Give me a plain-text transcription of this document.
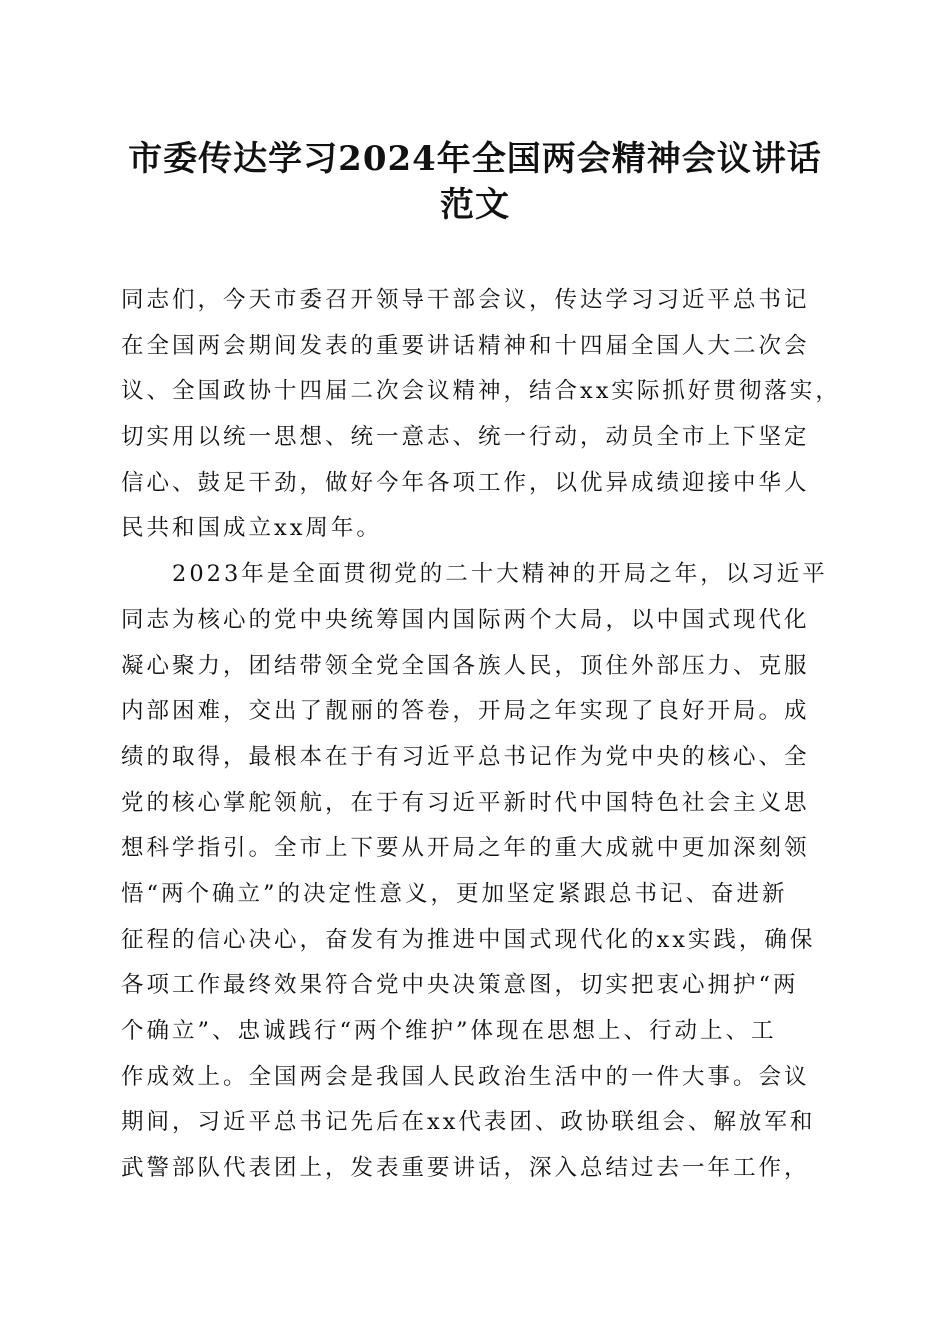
市委传达学习2024年全国两会精神会议讲话
范文
同志们，今天市委召开领导干部会议，传达学习习近平总书记
在全国两会期间发表的重要讲话精神和十四届全国人大二次会
议、全国政协十四届二次会议精神，结合xx实际抓好贯彻落实，
切实用以统一思想、统一意志、统一行动，动员全市上下坚定
信心、鼓足干劲，做好今年各项工作，以优异成绩迎接中华人
民共和国成立xx周年。
　　2023年是全面贯彻党的二十大精神的开局之年，以习近平
同志为核心的党中央统筹国内国际两个大局，以中国式现代化
凝心聚力，团结带领全党全国各族人民，顶住外部压力、克服
内部困难，交出了靓丽的答卷，开局之年实现了良好开局。成
绩的取得，最根本在于有习近平总书记作为党中央的核心、全
党的核心掌舵领航，在于有习近平新时代中国特色社会主义思
想科学指引。全市上下要从开局之年的重大成就中更加深刻领
悟“两个确立”的决定性意义，更加坚定紧跟总书记、奋进新
征程的信心决心，奋发有为推进中国式现代化的xx实践，确保
各项工作最终效果符合党中央决策意图，切实把衷心拥护“两
个确立”、忠诚践行“两个维护”体现在思想上、行动上、工
作成效上。全国两会是我国人民政治生活中的一件大事。会议
期间，习近平总书记先后在xx代表团、政协联组会、解放军和
武警部队代表团上，发表重要讲话，深入总结过去一年工作，
